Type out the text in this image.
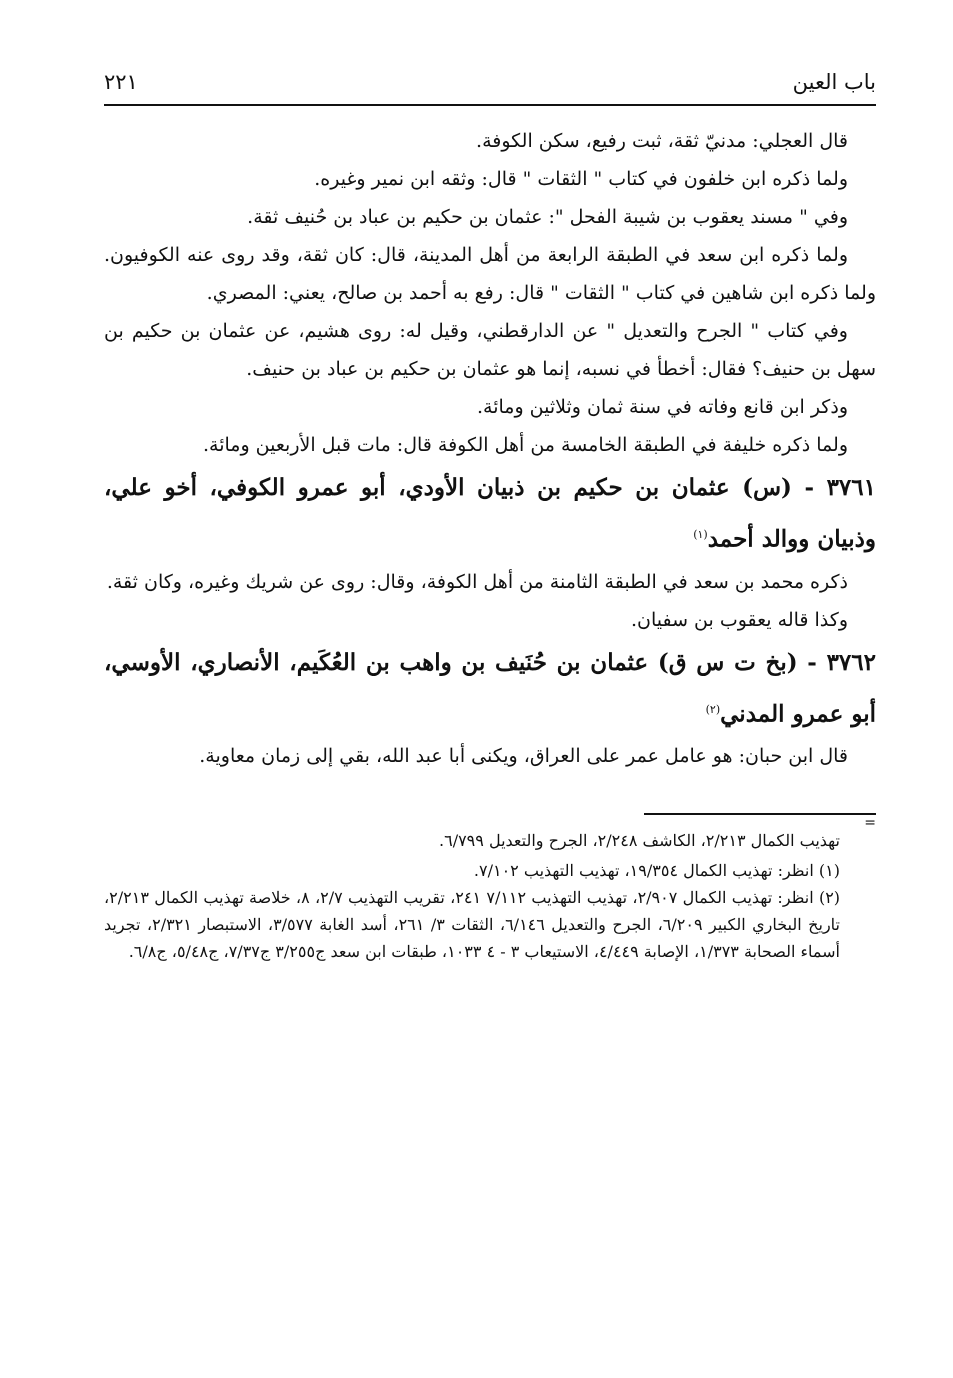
باب العين
٢٢١

قال العجلي: مدنيّ ثقة، ثبت رفيع، سكن الكوفة.

ولما ذكره ابن خلفون في كتاب " الثقات " قال: وثقه ابن نمير وغيره.

وفي " مسند يعقوب بن شيبة الفحل ": عثمان بن حكيم بن عباد بن حُنيف ثقة.

ولما ذكره ابن سعد في الطبقة الرابعة من أهل المدينة، قال: كان ثقة، وقد روى عنه الكوفيون. ولما ذكره ابن شاهين في كتاب " الثقات " قال: رفع به أحمد بن صالح، يعني: المصري.

وفي كتاب " الجرح والتعديل " عن الدارقطني، وقيل له: روى هشيم، عن عثمان بن حكيم بن سهل بن حنيف؟ فقال: أخطأ في نسبه، إنما هو عثمان بن حكيم بن عباد بن حنيف.

وذكر ابن قانع وفاته في سنة ثمان وثلاثين ومائة.

ولما ذكره خليفة في الطبقة الخامسة من أهل الكوفة قال: مات قبل الأربعين ومائة.

٣٧٦١ - (س) عثمان بن حكيم بن ذبيان الأودي، أبو عمرو الكوفي، أخو علي، وذبيان ووالد أحمد$^{(١)}$

ذكره محمد بن سعد في الطبقة الثامنة من أهل الكوفة، وقال: روى عن شريك وغيره، وكان ثقة.

وكذا قاله يعقوب بن سفيان.

٣٧٦٢ - (بخ ت س ق) عثمان بن حُنَيف بن واهب بن العُكَيم، الأنصاري، الأوسي، أبو عمرو المدني$^{(٢)}$

قال ابن حبان: هو عامل عمر على العراق، ويكنى أبا عبد الله، بقي إلى زمان معاوية.

=

تهذيب الكمال ٢/٢١٣، الكاشف ٢/٢٤٨، الجرح والتعديل ٦/٧٩٩.

(١) انظر: تهذيب الكمال ١٩/٣٥٤، تهذيب التهذيب ٧/١٠٢.

(٢) انظر: تهذيب الكمال ٢/٩٠٧، تهذيب التهذيب ٧/١١٢ ٢٤١، تقريب التهذيب ٢/٧، ٨، خلاصة تهذيب الكمال ٢/٢١٣، تاريخ البخاري الكبير ٦/٢٠٩، الجرح والتعديل ٦/١٤٦، الثقات ٣/ ٢٦١، أسد الغابة ٣/٥٧٧، الاستبصار ٢/٣٢١، تجريد أسماء الصحابة ١/٣٧٣، الإصابة ٤/٤٤٩، الاستيعاب ٣ - ٤ ١٠٣٣، طبقات ابن سعد ج٣/٢٥٥ ج٧/٣٧، ج٥/٤٨، ج٦/٨.
